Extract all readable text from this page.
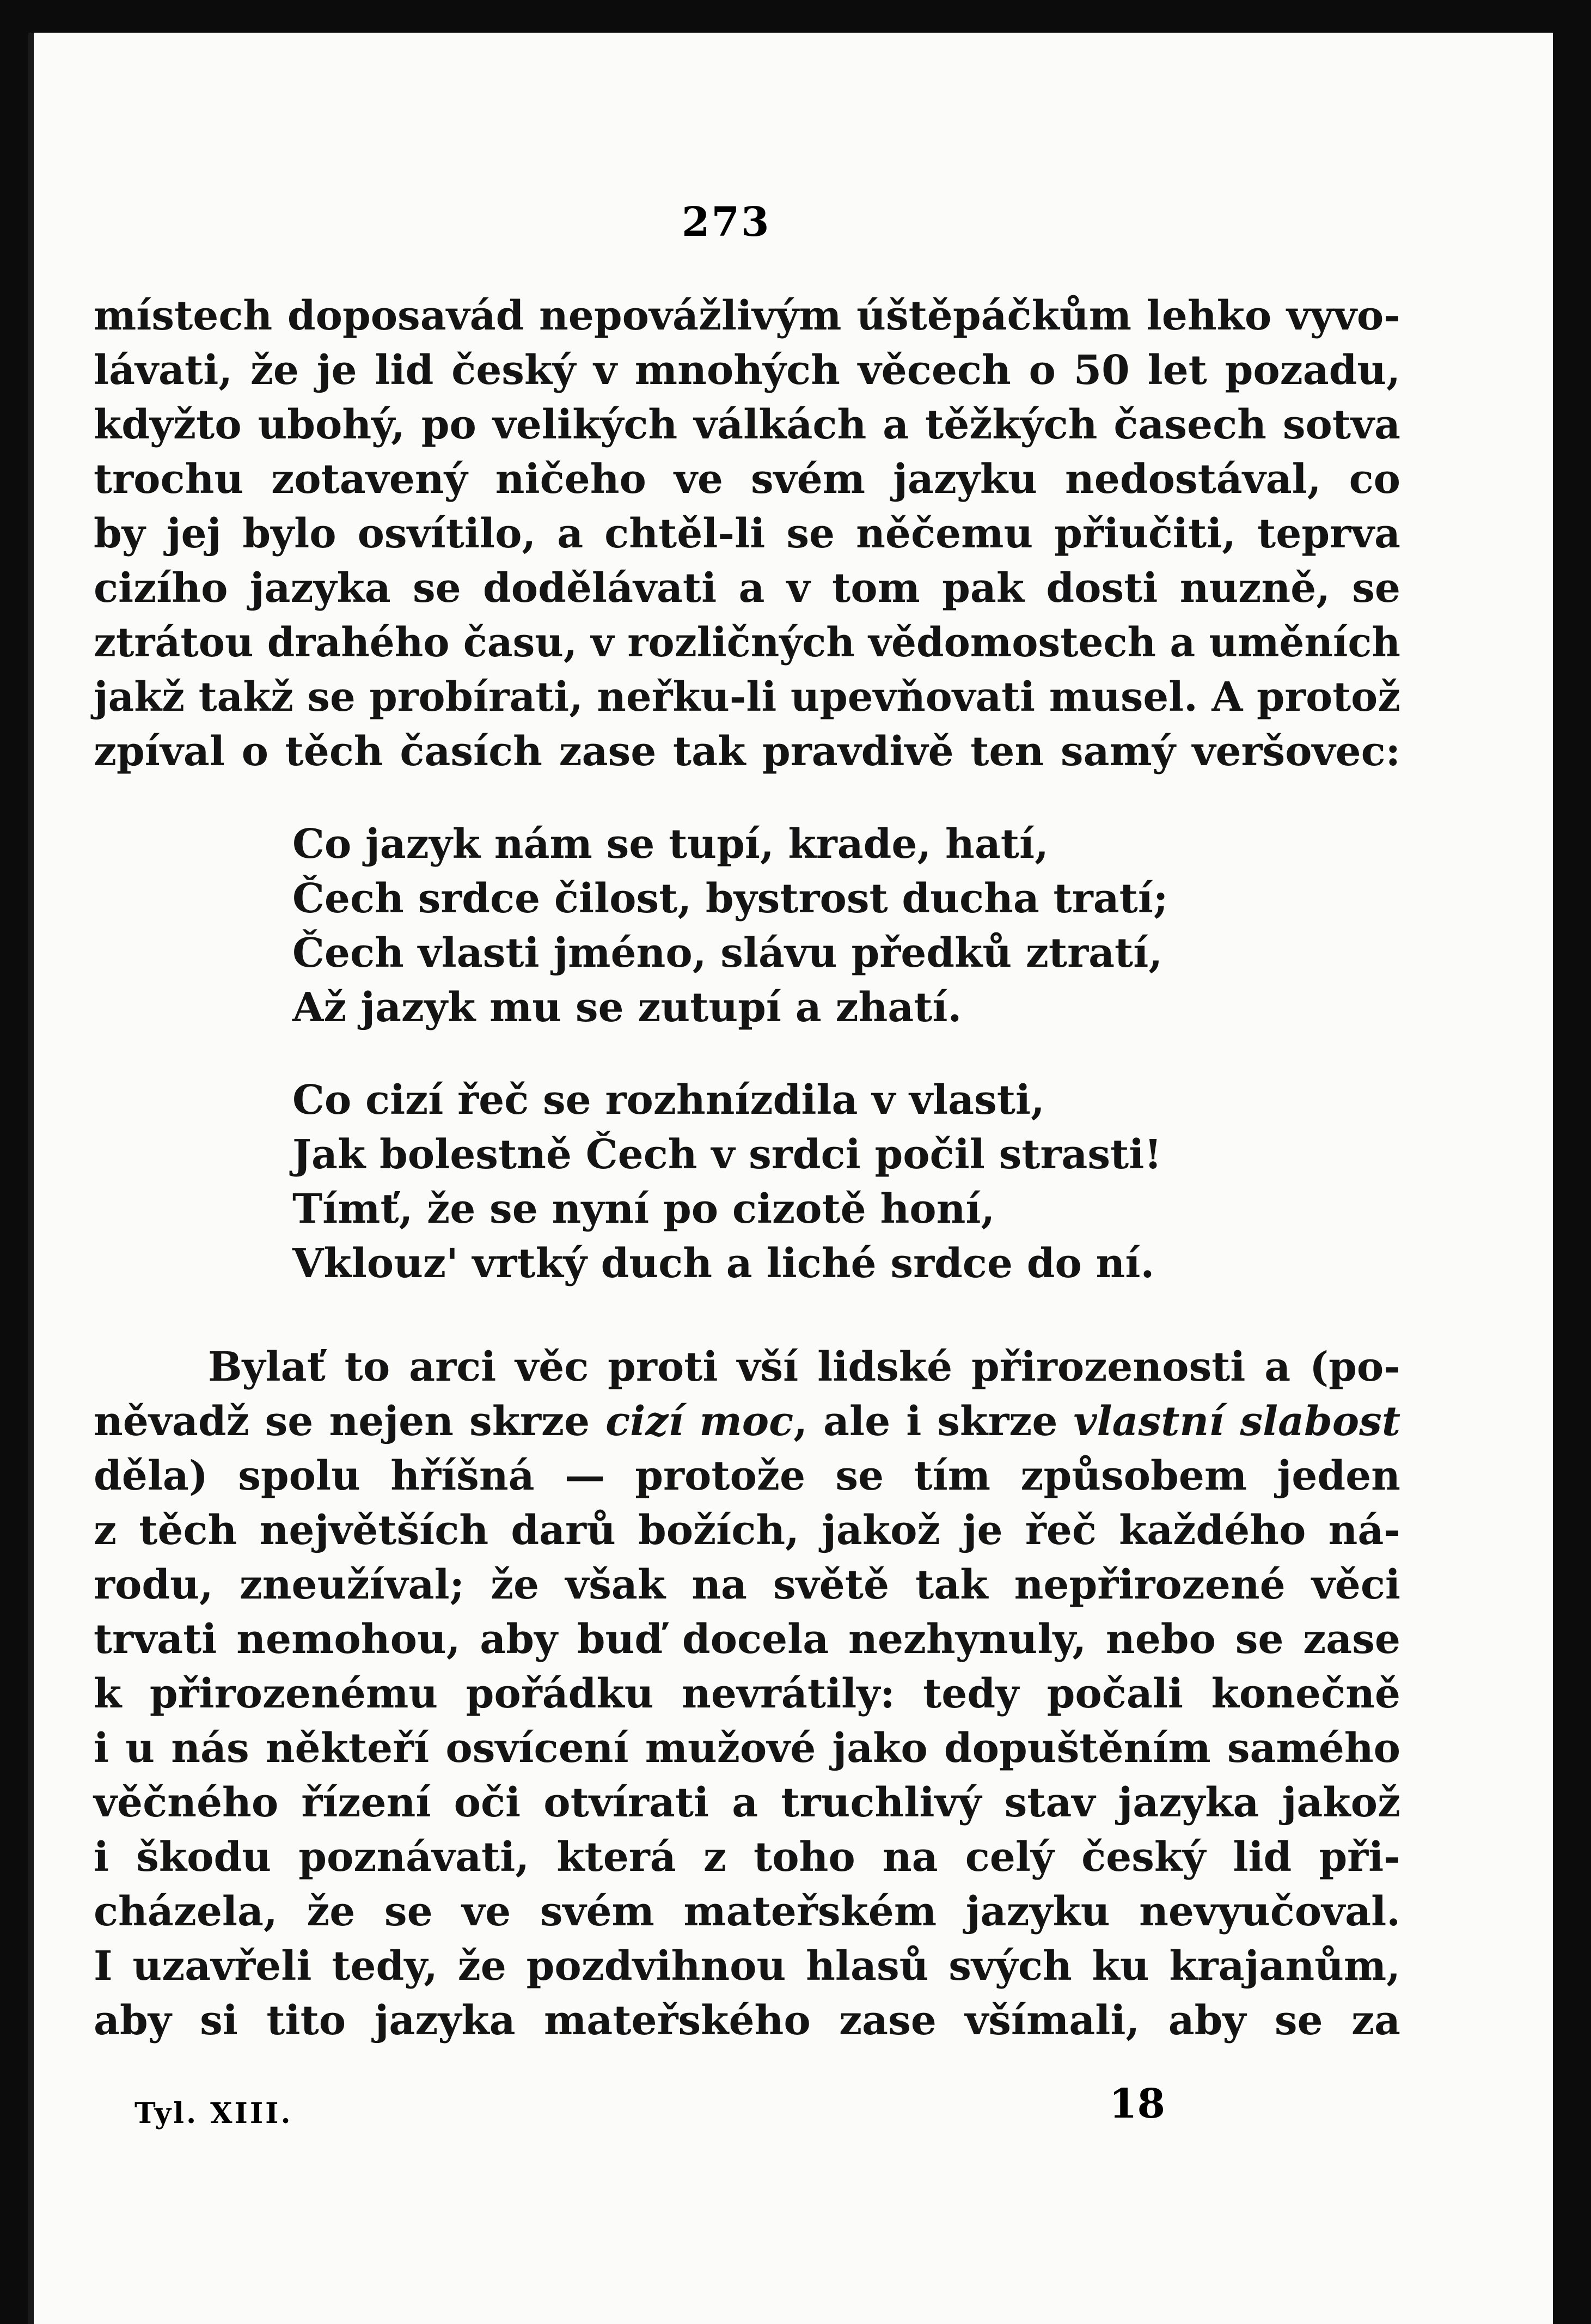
273
místech doposavád nepovážlivým úštěpáčkům lehko vyvo-
lávati, že je lid český v mnohých věcech o 50 let pozadu,
kdyžto ubohý, po velikých válkách a těžkých časech sotva
trochu zotavený ničeho ve svém jazyku nedostával, co
by jej bylo osvítilo, a chtěl-li se něčemu přiučiti, teprva
cizího jazyka se dodělávati a v tom pak dosti nuzně, se
ztrátou drahého času, v rozličných vědomostech a uměních
jakž takž se probírati, neřku-li upevňovati musel. A protož
zpíval o těch časích zase tak pravdivě ten samý veršovec:
Co jazyk nám se tupí, krade, hatí,
Čech srdce čilost, bystrost ducha tratí;
Čech vlasti jméno, slávu předků ztratí,
Až jazyk mu se zutupí a zhatí.
Co cizí řeč se rozhnízdila v vlasti,
Jak bolestně Čech v srdci počil strasti!
Tímť, že se nyní po cizotě honí,
Vklouz' vrtký duch a liché srdce do ní.
Bylať to arci věc proti vší lidské přirozenosti a (po-
něvadž se nejen skrze cizí moc, ale i skrze vlastní slabost
děla) spolu hříšná — protože se tím způsobem jeden
z těch největších darů božích, jakož je řeč každého ná-
rodu, zneužíval; že však na světě tak nepřirozené věci
trvati nemohou, aby buď docela nezhynuly, nebo se zase
k přirozenému pořádku nevrátily: tedy počali konečně
i u nás někteří osvícení mužové jako dopuštěním samého
věčného řízení oči otvírati a truchlivý stav jazyka jakož
i škodu poznávati, která z toho na celý český lid při-
cházela, že se ve svém mateřském jazyku nevyučoval.
I uzavřeli tedy, že pozdvihnou hlasů svých ku krajanům,
aby si tito jazyka mateřského zase všímali, aby se za
Tyl. XIII.	18
